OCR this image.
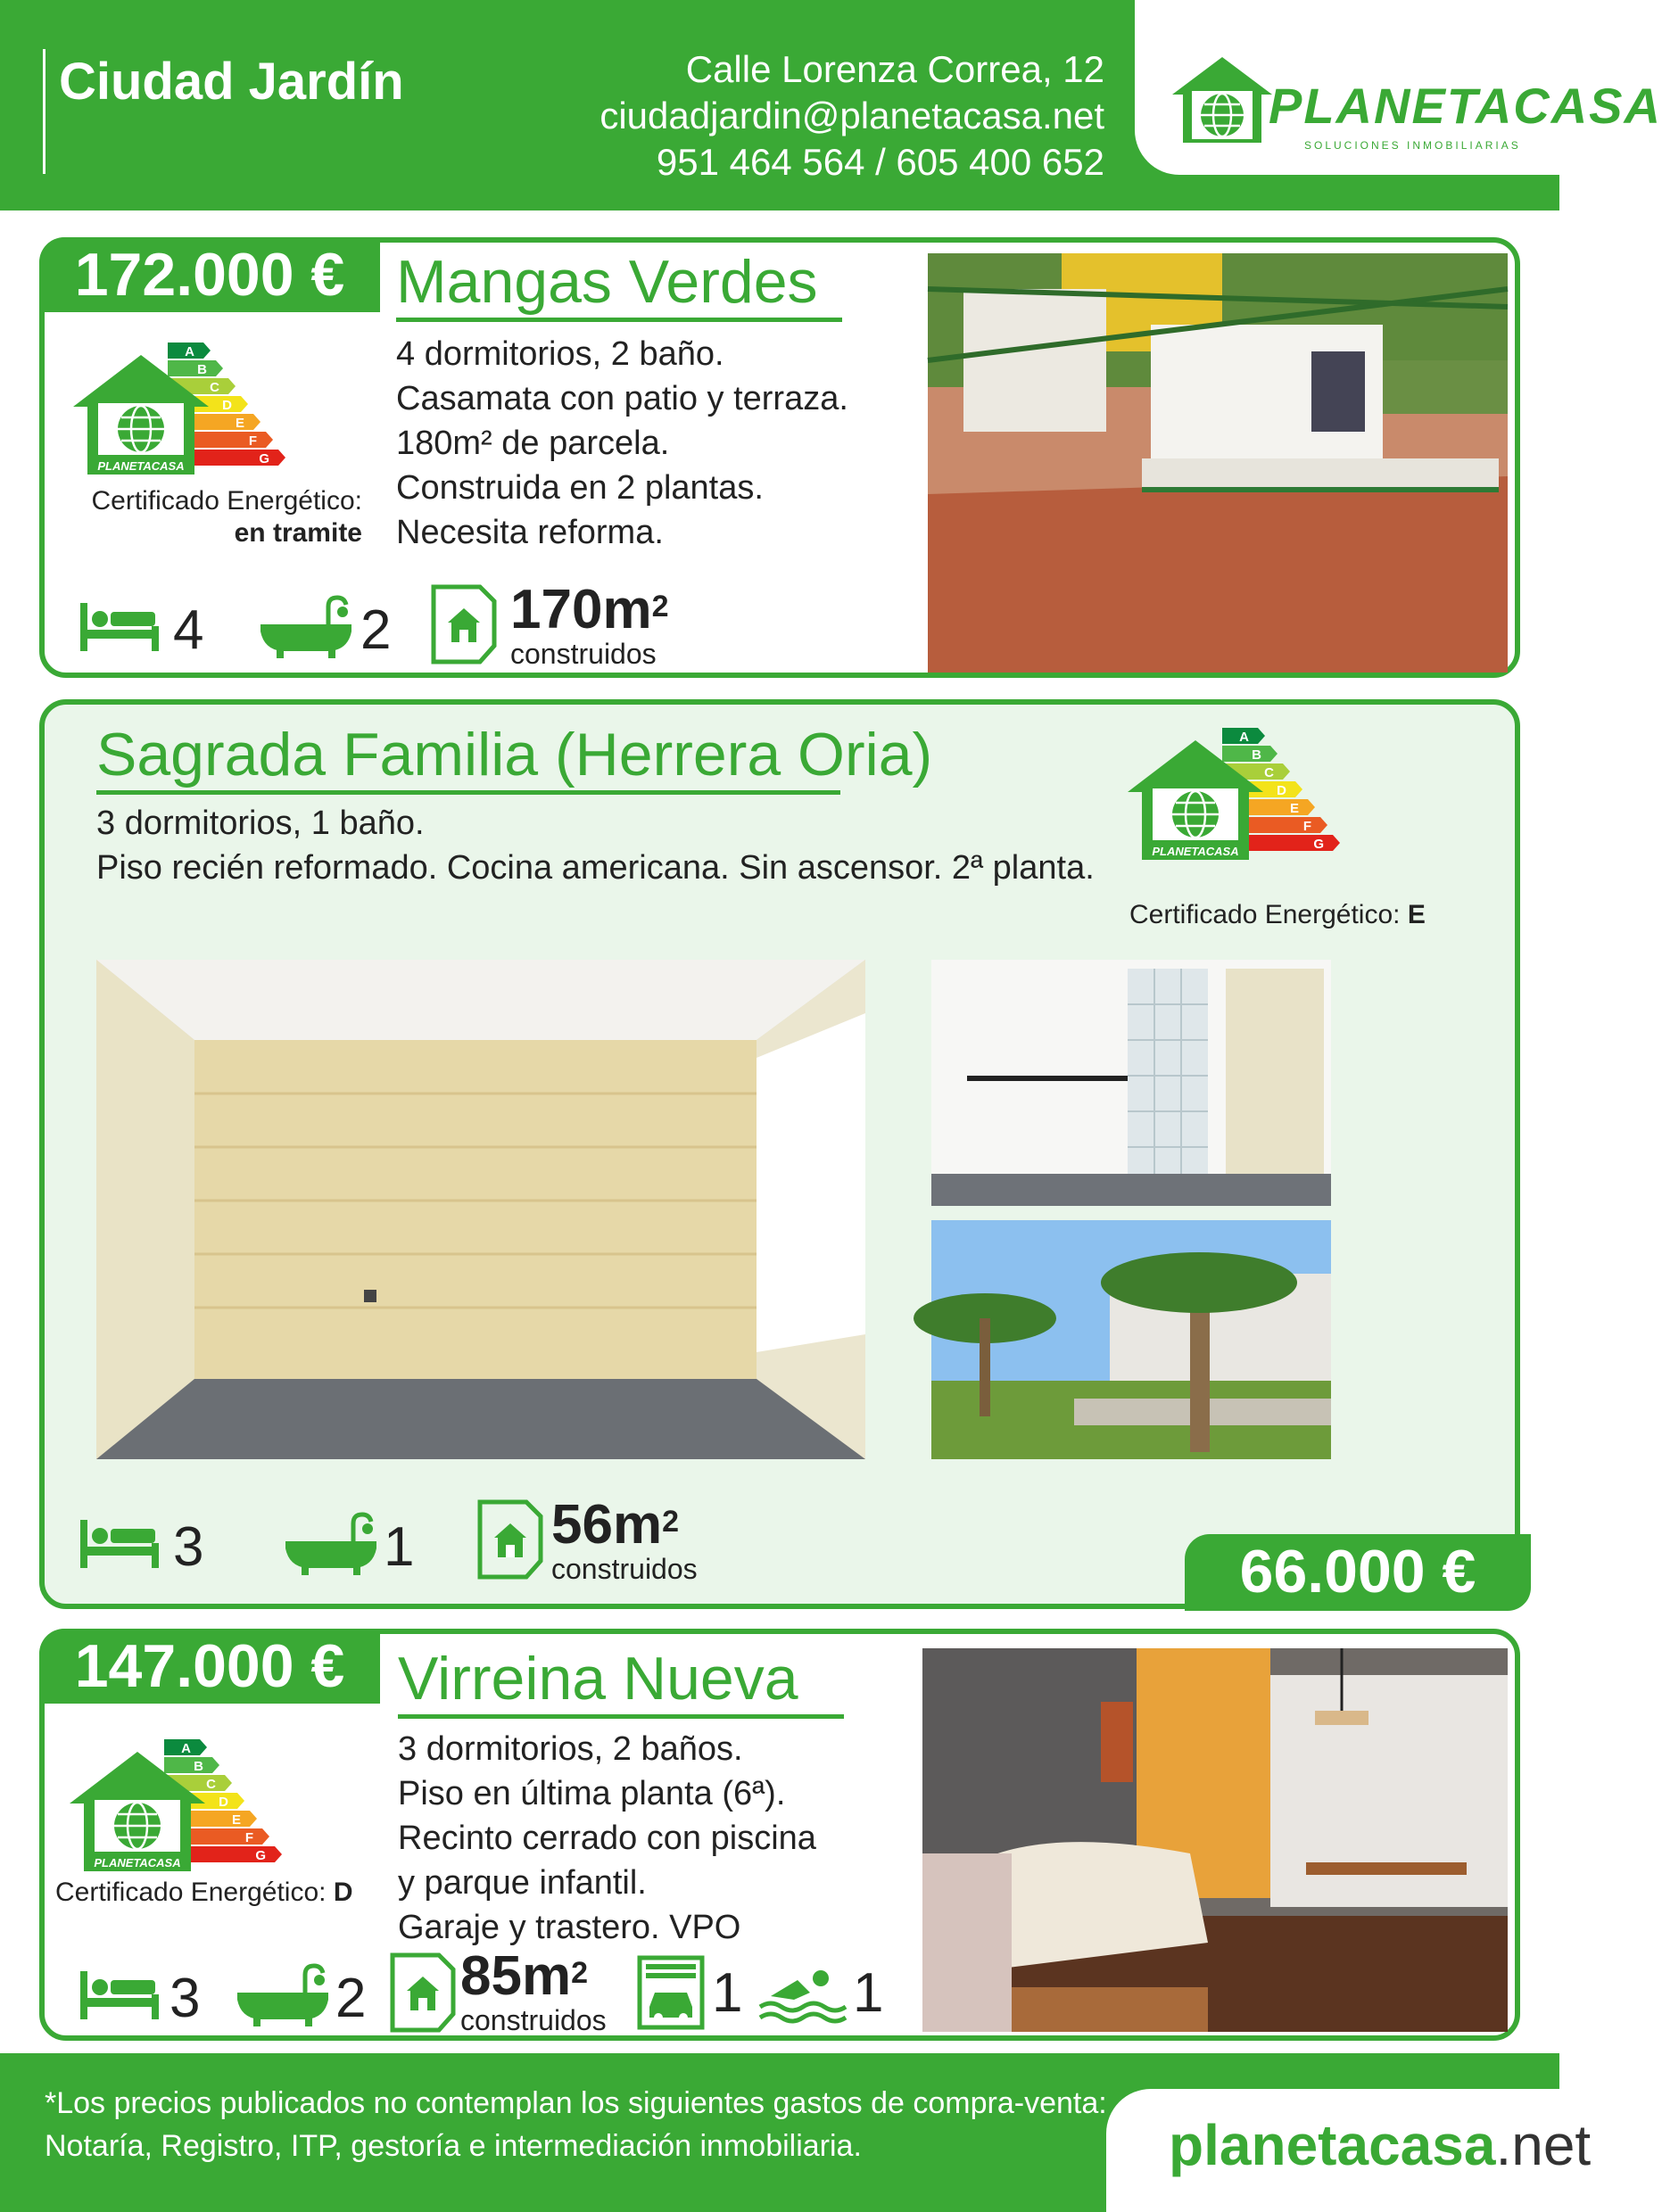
Ciudad Jardín	Calle Lorenza Correa, 12
ciudadjardin@planetacasa.net
951 464 564 / 605 400 652
PLANETACASA
SOLUCIONES INMOBILIARIAS
172.000 € Mangas Verdes
4 dormitorios, 2 baño.
Casamata con patio y terraza.
180m² de parcela.
Construida en 2 plantas.
Necesita reforma.
A
B
C
D
E
F
G
PLANETACASA
Certificado Energético:
en tramite
4	2 $170m^2$
construidos
Sagrada Familia (Herrera Oria)
3 dormitorios, 1 baño.
Piso recién reformado. Cocina americana. Sin ascensor. 2ª planta.
A
B
C
D
E
F
G
PLANETACASA
Certificado Energético: E
3	1 $56m^2$
construidos	66.000 €
147.000 € Virreina Nueva
3 dormitorios, 2 baños.
Piso en última planta (6ª).
Recinto cerrado con piscina
y parque infantil.
Garaje y trastero. VPO
A
B
C
D
E
F
G
PLANETACASA
Certificado Energético: D
3 2 $85m^2$
construidos 1 1
*Los precios publicados no contemplan los siguientes gastos de compra-venta:
Notaría, Registro, ITP, gestoría e intermediación inmobiliaria.	planetacasa.net
